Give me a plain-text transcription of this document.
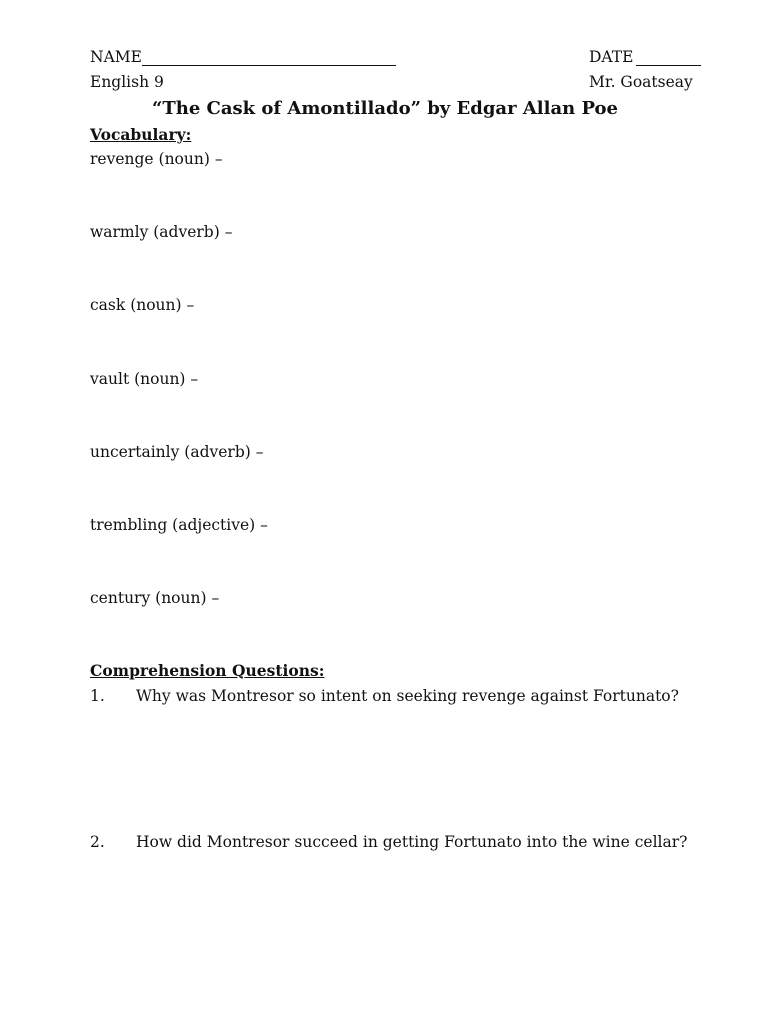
NAME	DATE
English 9	Mr. Goatseay
“The Cask of Amontillado” by Edgar Allan Poe
Vocabulary:
revenge (noun) –
warmly (adverb) –
cask (noun) –
vault (noun) –
uncertainly (adverb) –
trembling (adjective) –
century (noun) –
Comprehension Questions:
1. Why was Montresor so intent on seeking revenge against Fortunato?
2. How did Montresor succeed in getting Fortunato into the wine cellar?
